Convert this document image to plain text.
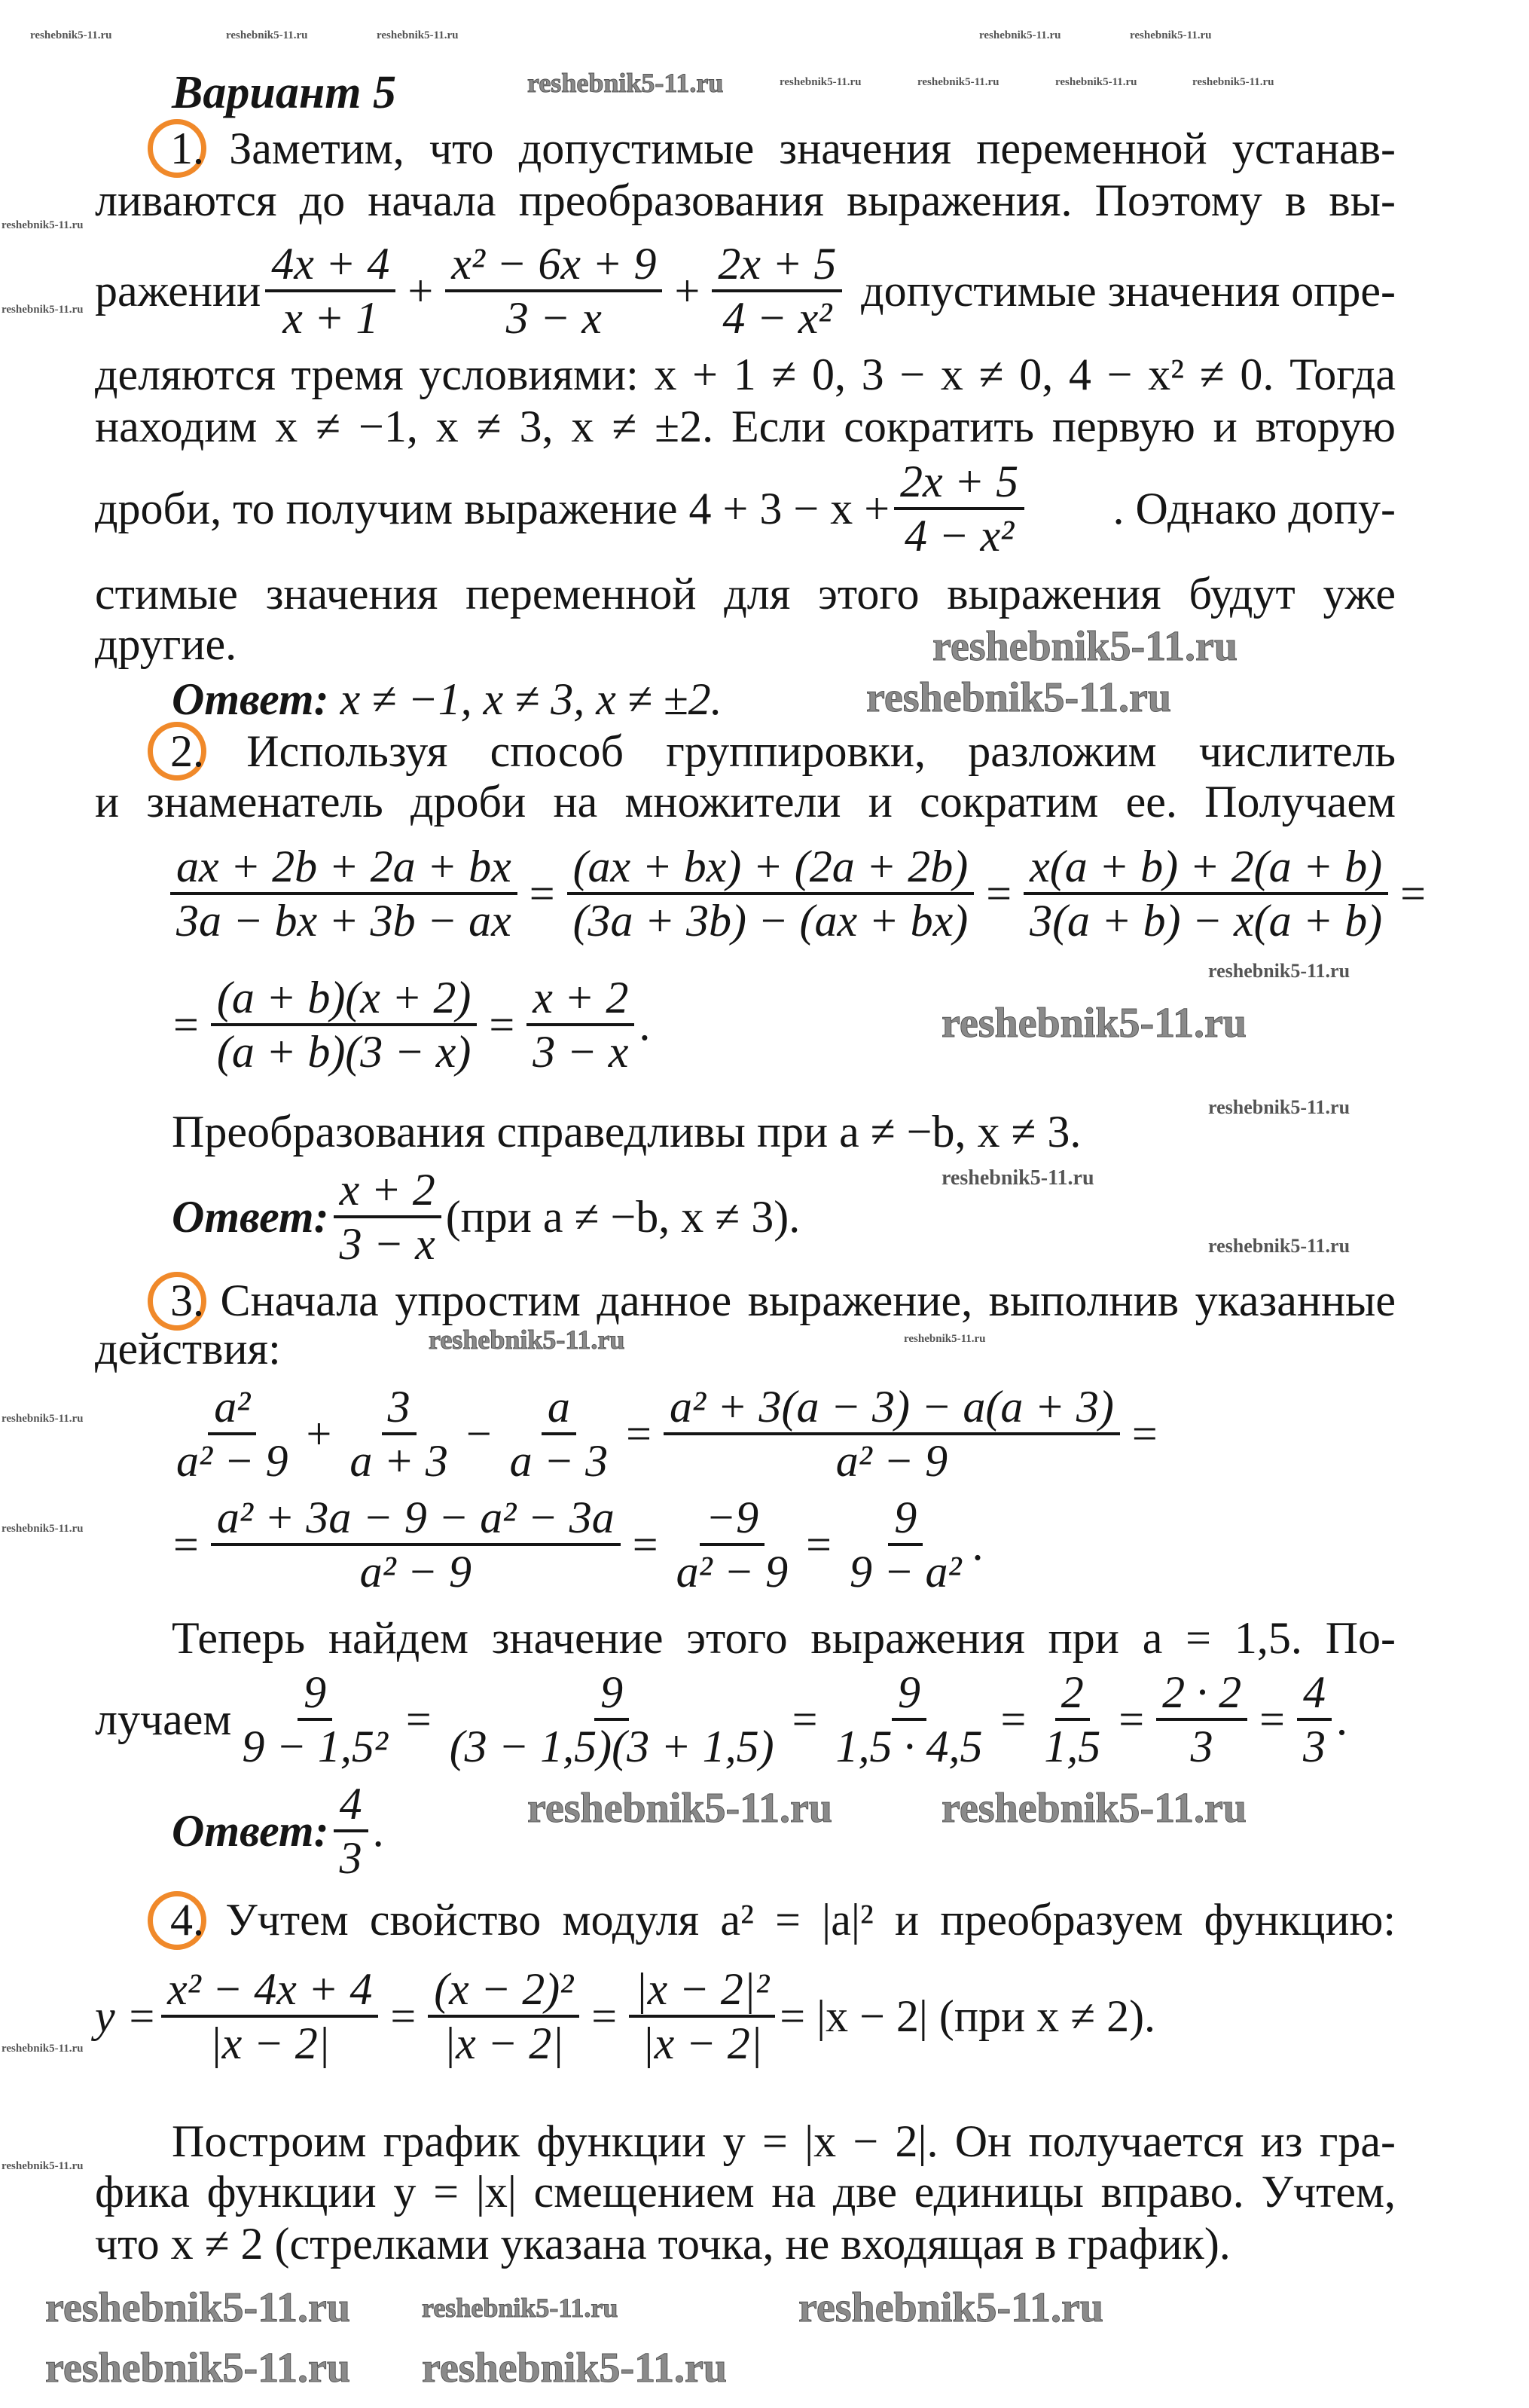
Вариант 5
1. Заметим, что допустимые значения переменной устанав-
ливаются до начала преобразования выражения. Поэтому в вы-
ражении
4x + 4
x + 1
+ $\frac{\text{x² − 6x + 9}}{3 - x} + \frac{2x + 5}{\text{4 − x²}}$ допустимые значения опре-
деляются тремя условиями: x + 1 ≠ 0, 3 − x ≠ 0, 4 − x² ≠ 0. Тогда
находим x ≠ −1, x ≠ 3, x ≠ ±2. Если сократить первую и вторую
дроби, то получим выражение $4 + 3 - x + \frac{2x + 5}{\text{4 − x²}}$ . Однако допу-
стимые значения переменной для этого выражения будут уже
другие.
Ответ: x ≠ −1, x ≠ 3, x ≠ ±2.
2. Используя способ группировки, разложим числитель
и знаменатель дроби на множители и сократим ее. Получаем
$\frac{ax + 2b + 2a + bx}{3a - bx + 3b - ax} = \frac{(ax + bx) + (2a + 2b)}{(3a + 3b) - (ax + bx)} = \frac{x(a + b) + 2(a + b)}{3(a + b) - x(a + b)}$ =
= $\frac{(a + b)(x + 2)}{(a + b)(3 - x)} = \frac{x + 2}{3 - x}$ .
Преобразования справедливы при a ≠ −b, x ≠ 3.
Ответ:
x + 2
3 − x
(при a ≠ −b, x ≠ 3).
3. Сначала упростим данное выражение, выполнив указанные
действия:
a²
a² − 9
+ $\frac{3}{a + 3} - \frac{a}{a - 3} = \frac{\text{a² + 3(a − 3) − a(a + 3)}}{\text{a² − 9}}$ =
= $\frac{\text{a² + 3a − 9 − a² − 3a}}{\text{a² − 9}} = \frac{-9}{\text{a² − 9}} = \frac{9}{\text{9 − a²}}$ .
Теперь найдем значение этого выражения при a = 1,5. По-
лучаем $\frac{9}{\text{9 − 1,5²}} = \frac{9}{(3 - 1,5)(3 + 1,5)} = \frac{9}{1,5 \cdot 4,5} = \frac{2}{1,5} = \frac{2 \cdot 2}{3} = \frac{4}{3}$ .
Ответ:
4
3
.
4. Учтем свойство модуля a² = |a|² и преобразуем функцию:
$y = \frac{\text{x² − 4x + 4}}{|x - 2|} = \frac{\text{(x − 2)²}}{|x - 2|} = \frac{\text{|x − 2|²}}{|x - 2|} = |x - 2|$ (при x ≠ 2).
Построим график функции y = |x − 2|. Он получается из гра-
фика функции y = |x| смещением на две единицы вправо. Учтем,
что x ≠ 2 (стрелками указана точка, не входящая в график).
reshebnik5-11.ru
reshebnik5-11.ru
reshebnik5-11.ru
reshebnik5-11.ru
reshebnik5-11.ru
reshebnik5-11.ru	reshebnik5-11.ru
reshebnik5-11.ru	reshebnik5-11.ru	reshebnik5-11.ru
reshebnik5-11.ru reshebnik5-11.ru
reshebnik5-11.ru
reshebnik5-11.ru	reshebnik5-11.ru	reshebnik5-11.ru	reshebnik5-11.ru
reshebnik5-11.ru
reshebnik5-11.ru
reshebnik5-11.ru	reshebnik5-11.ru
reshebnik5-11.ru
reshebnik5-11.ru
reshebnik5-11.ru
reshebnik5-11.ru
reshebnik5-11.ru
reshebnik5-11.ru
reshebnik5-11.ru
reshebnik5-11.ru	reshebnik5-11.ru
reshebnik5-11.ru
reshebnik5-11.ru
